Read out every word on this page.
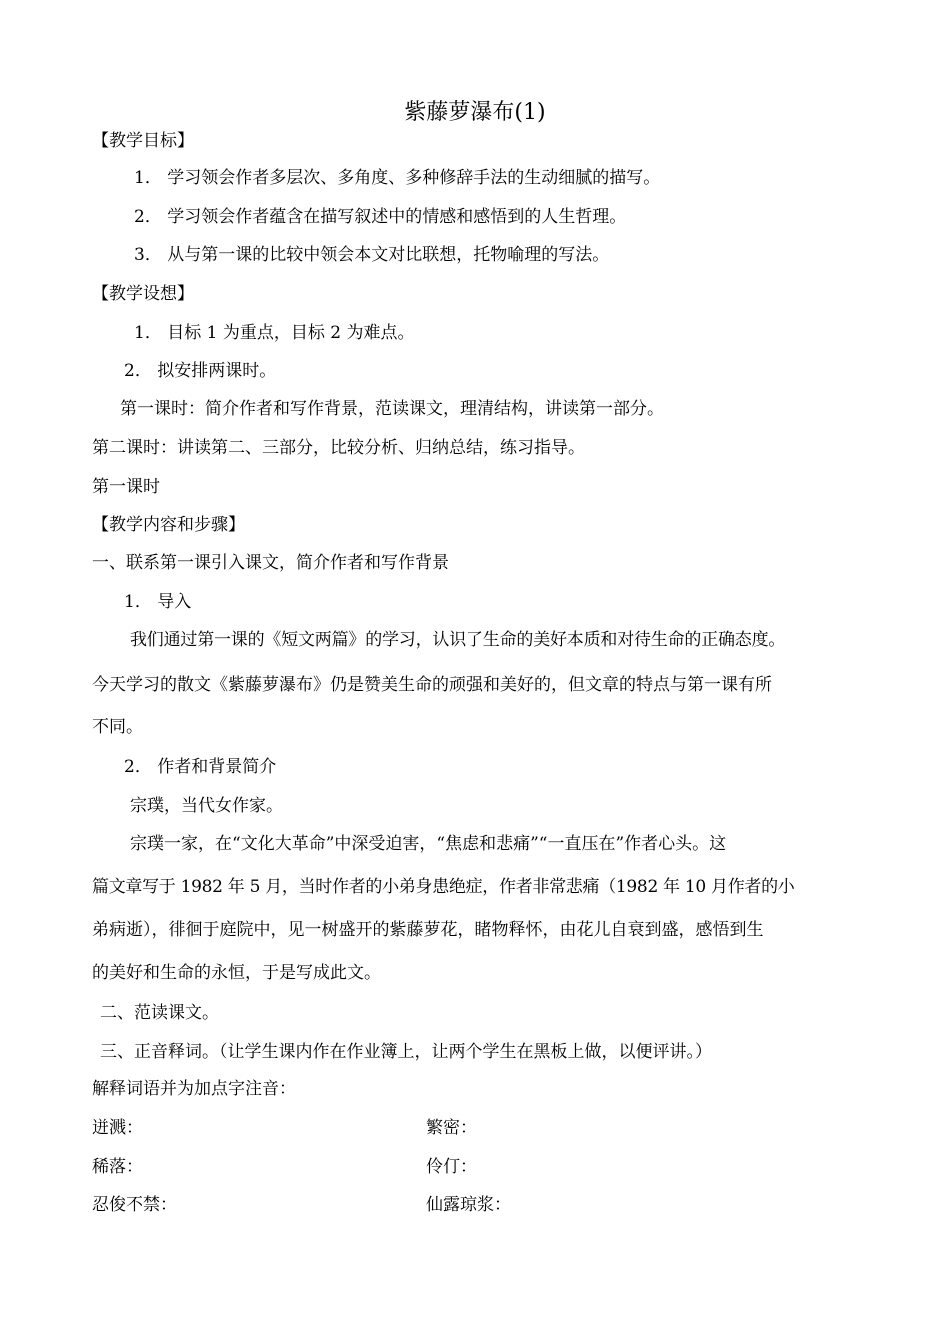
紫藤萝瀑布(1)
【教学目标】
1． 学习领会作者多层次、多角度、多种修辞手法的生动细腻的描写。
2． 学习领会作者蕴含在描写叙述中的情感和感悟到的人生哲理。
3． 从与第一课的比较中领会本文对比联想，托物喻理的写法。
【教学设想】
1． 目标 1 为重点，目标 2 为难点。
2． 拟安排两课时。
第一课时：简介作者和写作背景，范读课文，理清结构，讲读第一部分。
第二课时：讲读第二、三部分，比较分析、归纳总结，练习指导。
第一课时
【教学内容和步骤】
一、联系第一课引入课文，简介作者和写作背景
1． 导入
我们通过第一课的《短文两篇》的学习，认识了生命的美好本质和对待生命的正确态度。
今天学习的散文《紫藤萝瀑布》仍是赞美生命的顽强和美好的，但文章的特点与第一课有所
不同。
2． 作者和背景简介
宗璞，当代女作家。
宗璞一家，在“文化大革命”中深受迫害，“焦虑和悲痛”“一直压在”作者心头。这
篇文章写于 1982 年 5 月，当时作者的小弟身患绝症，作者非常悲痛（1982 年 10 月作者的小
弟病逝），徘徊于庭院中，见一树盛开的紫藤萝花，睹物释怀，由花儿自衰到盛，感悟到生
的美好和生命的永恒，于是写成此文。
二、范读课文。
三、正音释词。（让学生课内作在作业簿上，让两个学生在黑板上做，以便评讲。）
解释词语并为加点字注音：
迸溅：	繁密：
稀落：	伶仃：
忍俊不禁：	仙露琼浆：
